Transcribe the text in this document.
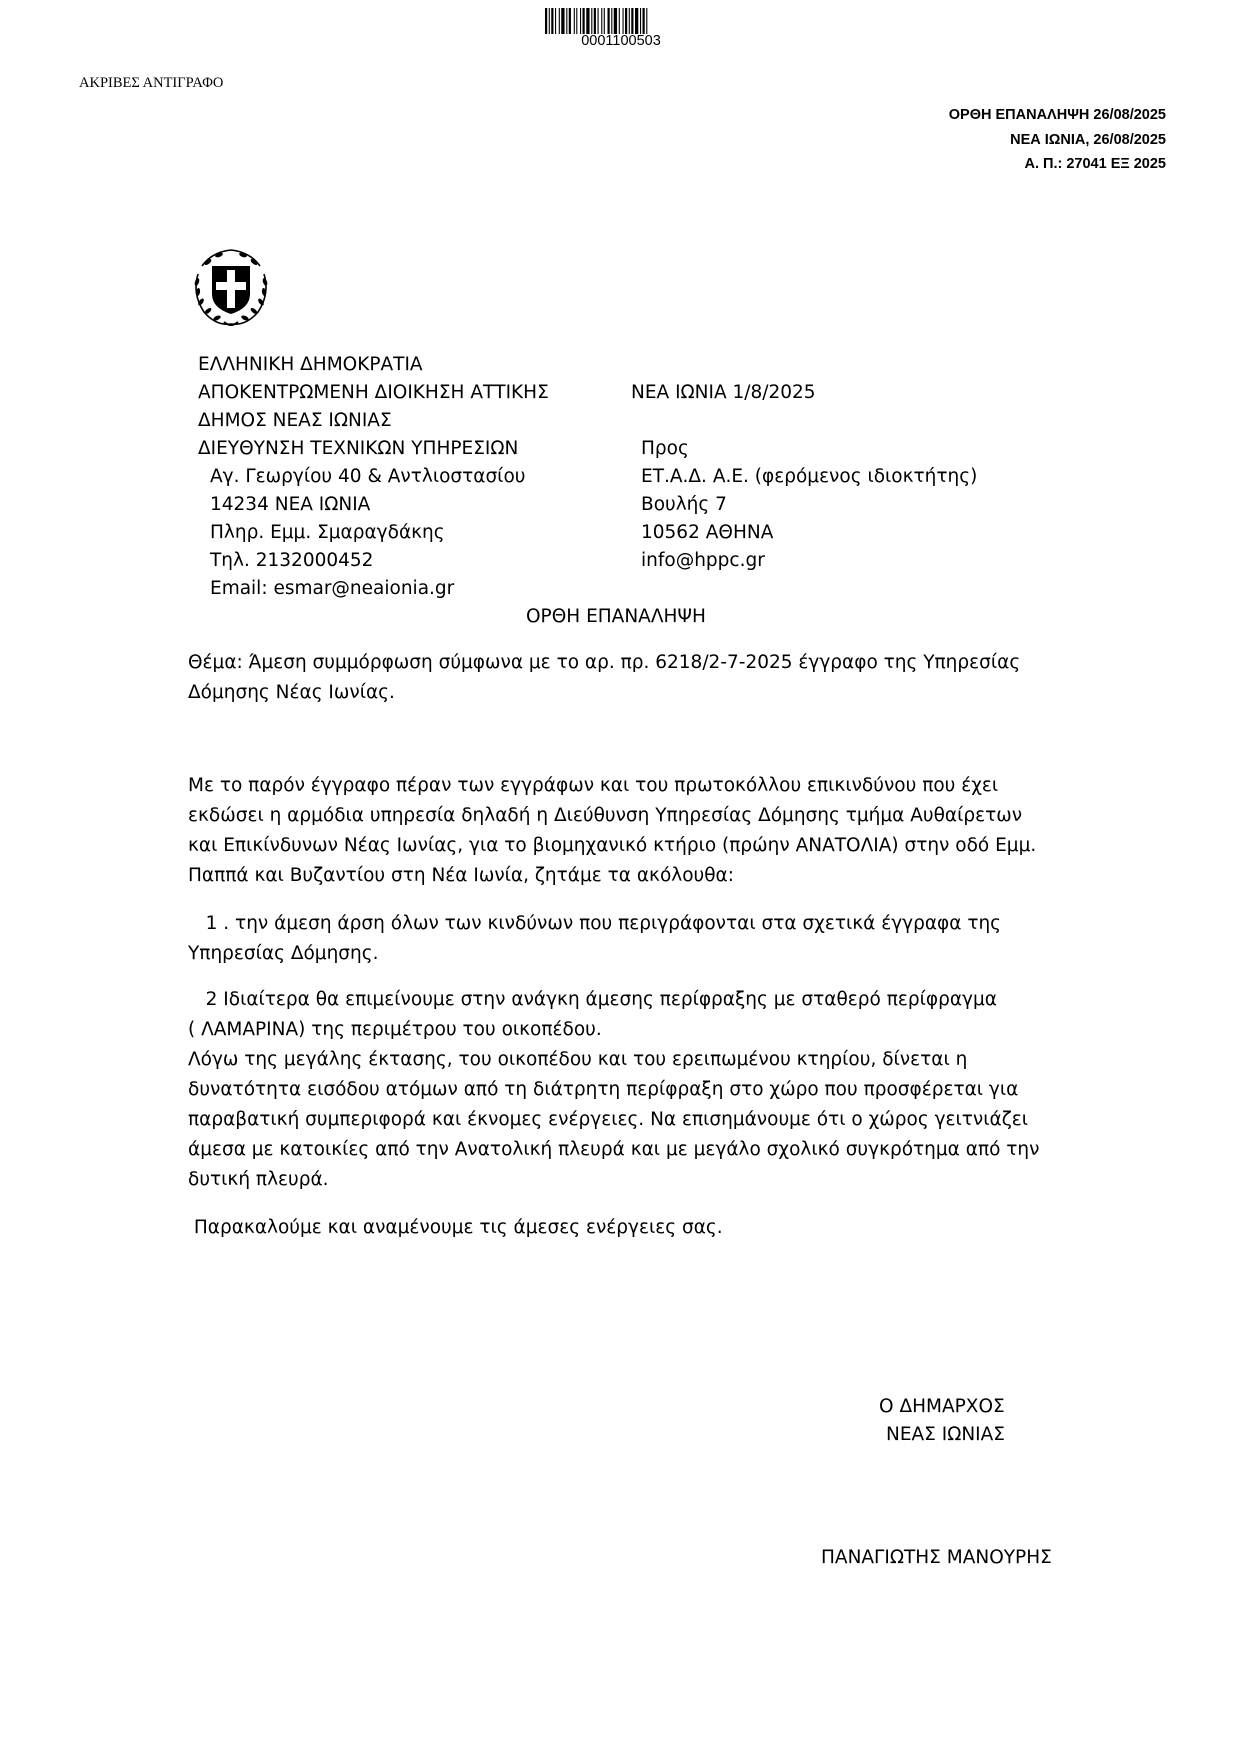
0001100503
ΑΚΡΙΒΕΣ ΑΝΤΙΓΡΑΦΟ
ΟΡΘΗ ΕΠΑΝΑΛΗΨΗ 26/08/2025
ΝΕΑ ΙΩΝΙΑ, 26/08/2025
Α. Π.: 27041 ΕΞ 2025
ΕΛΛΗΝΙΚΗ ΔΗΜΟΚΡΑΤΙΑ
ΑΠΟΚΕΝΤΡΩΜΕΝΗ ΔΙΟΙΚΗΣΗ ΑΤΤΙΚΗΣ
ΔΗΜΟΣ ΝΕΑΣ ΙΩΝΙΑΣ
ΔΙΕΥΘΥΝΣΗ ΤΕΧΝΙΚΩΝ ΥΠΗΡΕΣΙΩΝ
Αγ. Γεωργίου 40 & Αντλιοστασίου
14234 ΝΕΑ ΙΩΝΙΑ
Πληρ. Εμμ. Σμαραγδάκης
Τηλ. 2132000452
Email: esmar@neaionia.gr
ΝΕΑ ΙΩΝΙΑ 1/8/2025
Προς
ΕΤ.Α.Δ. Α.Ε. (φερόμενος ιδιοκτήτης)
Βουλής 7
10562 ΑΘΗΝΑ
info@hppc.gr
ΟΡΘΗ ΕΠΑΝΑΛΗΨΗ

Θέμα: Άμεση συμμόρφωση σύμφωνα με το αρ. πρ. 6218/2-7-2025 έγγραφο της Υπηρεσίας

Δόμησης Νέας Ιωνίας.

Με το παρόν έγγραφο πέραν των εγγράφων και του πρωτοκόλλου επικινδύνου που έχει

εκδώσει η αρμόδια υπηρεσία δηλαδή η Διεύθυνση Υπηρεσίας Δόμησης τμήμα Αυθαίρετων

και Επικίνδυνων Νέας Ιωνίας, για το βιομηχανικό κτήριο (πρώην ΑΝΑΤΟΛΙΑ) στην οδό Εμμ.

Παππά και Βυζαντίου στη Νέα Ιωνία, ζητάμε τα ακόλουθα:

1 . την άμεση άρση όλων των κινδύνων που περιγράφονται στα σχετικά έγγραφα της

Υπηρεσίας Δόμησης.

2 Ιδιαίτερα θα επιμείνουμε στην ανάγκη άμεσης περίφραξης με σταθερό περίφραγμα

( ΛΑΜΑΡΙΝΑ) της περιμέτρου του οικοπέδου.

Λόγω της μεγάλης έκτασης, του οικοπέδου και του ερειπωμένου κτηρίου, δίνεται η

δυνατότητα εισόδου ατόμων από τη διάτρητη περίφραξη στο χώρο που προσφέρεται για

παραβατική συμπεριφορά και έκνομες ενέργειες. Να επισημάνουμε ότι ο χώρος γειτνιάζει

άμεσα με κατοικίες από την Ανατολική πλευρά και με μεγάλο σχολικό συγκρότημα από την

δυτική πλευρά.

Παρακαλούμε και αναμένουμε τις άμεσες ενέργειες σας.
Ο ΔΗΜΑΡΧΟΣ
ΝΕΑΣ ΙΩΝΙΑΣ
ΠΑΝΑΓΙΩΤΗΣ ΜΑΝΟΥΡΗΣ
